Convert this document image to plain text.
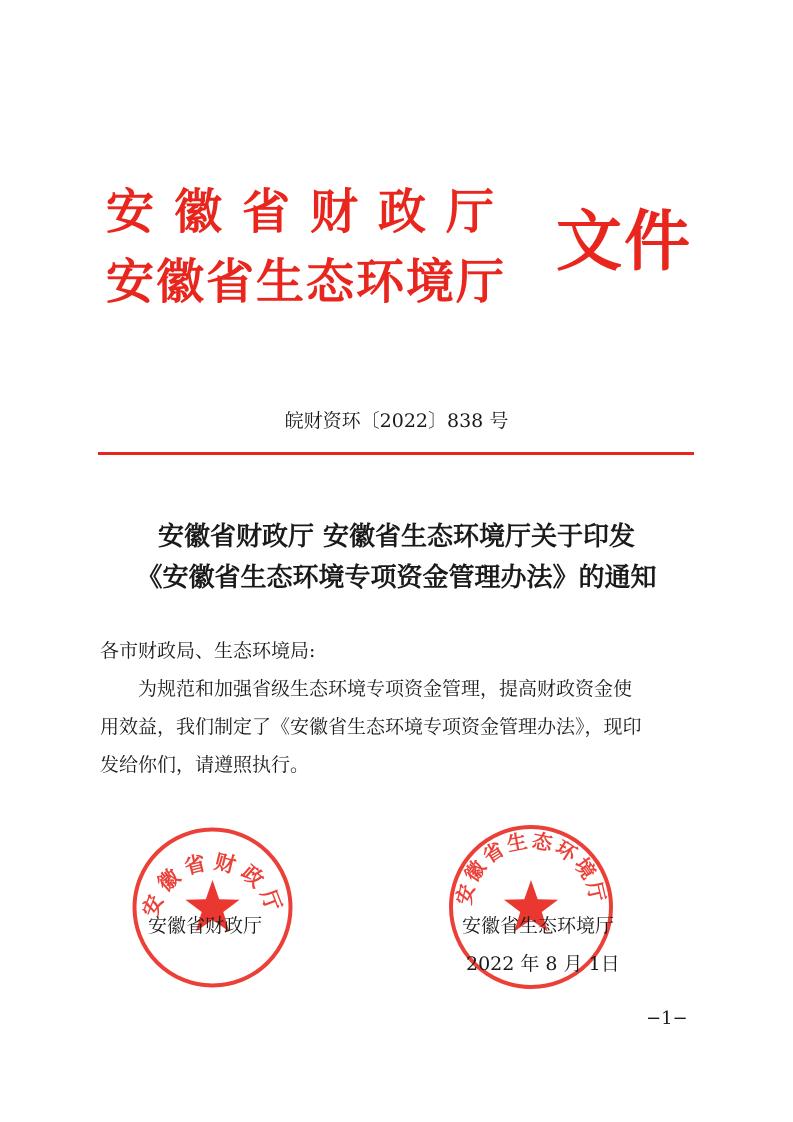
安徽省财政厅
安徽省生态环境厅
文件
皖财资环〔2022〕838 号
安徽省财政厅 安徽省生态环境厅关于印发
《安徽省生态环境专项资金管理办法》的通知
各市财政局、生态环境局:
　　为规范和加强省级生态环境专项资金管理，提高财政资金使
用效益，我们制定了《安徽省生态环境专项资金管理办法》，现印
发给你们，请遵照执行。
安徽省财政厅	安徽省生态环境厅
安徽省财政厅	安徽省生态环境厅
2022 年 8 月 1日
−1−
